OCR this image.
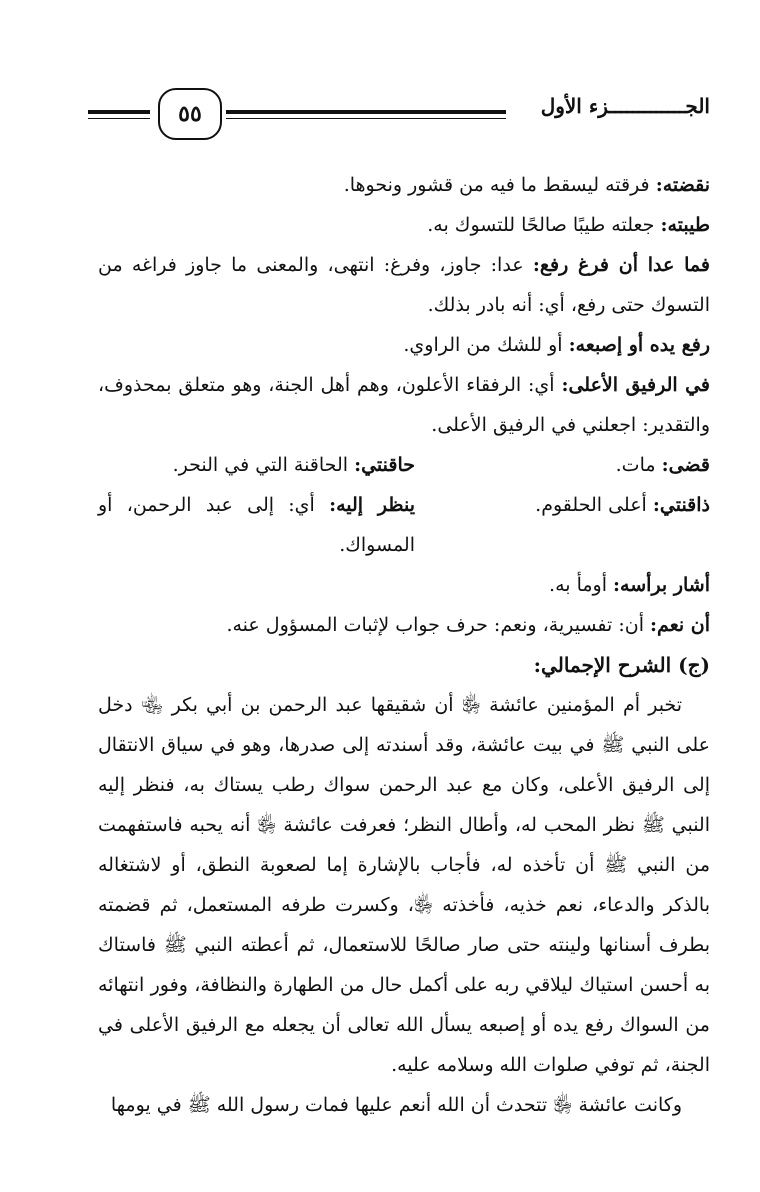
٥٥	الجـــــــــــــزء الأول
نقضته: فرقته ليسقط ما فيه من قشور ونحوها.
طيبته: جعلته طيبًا صالحًا للتسوك به.
فما عدا أن فرغ رفع: عدا: جاوز، وفرغ: انتهى، والمعنى ما جاوز فراغه من التسوك حتى رفع، أي: أنه بادر بذلك.
رفع يده أو إصبعه: أو للشك من الراوي.
في الرفيق الأعلى: أي: الرفقاء الأعلون، وهم أهل الجنة، وهو متعلق بمحذوف، والتقدير: اجعلني في الرفيق الأعلى.
قضى: مات.
حاقنتي: الحاقنة التي في النحر.
ذاقنتي: أعلى الحلقوم.
ينظر إليه: أي: إلى عبد الرحمن، أو المسواك.
أشار برأسه: أومأ به.
أن نعم: أن: تفسيرية، ونعم: حرف جواب لإثبات المسؤول عنه.
(ج) الشرح الإجمالي:
تخبر أم المؤمنين عائشة ﵂ أن شقيقها عبد الرحمن بن أبي بكر ﵄ دخل على النبي ﷺ في بيت عائشة، وقد أسندته إلى صدرها، وهو في سياق الانتقال إلى الرفيق الأعلى، وكان مع عبد الرحمن سواك رطب يستاك به، فنظر إليه النبي ﷺ نظر المحب له، وأطال النظر؛ فعرفت عائشة ﵂ أنه يحبه فاستفهمت من النبي ﷺ أن تأخذه له، فأجاب بالإشارة إما لصعوبة النطق، أو لاشتغاله بالذكر والدعاء، نعم خذيه، فأخذته ﵂، وكسرت طرفه المستعمل، ثم قضمته بطرف أسنانها ولينته حتى صار صالحًا للاستعمال، ثم أعطته النبي ﷺ فاستاك به أحسن استياك ليلاقي ربه على أكمل حال من الطهارة والنظافة، وفور انتهائه من السواك رفع يده أو إصبعه يسأل الله تعالى أن يجعله مع الرفيق الأعلى في الجنة، ثم توفي صلوات الله وسلامه عليه.
وكانت عائشة ﵂ تتحدث أن الله أنعم عليها فمات رسول الله ﷺ في يومها
